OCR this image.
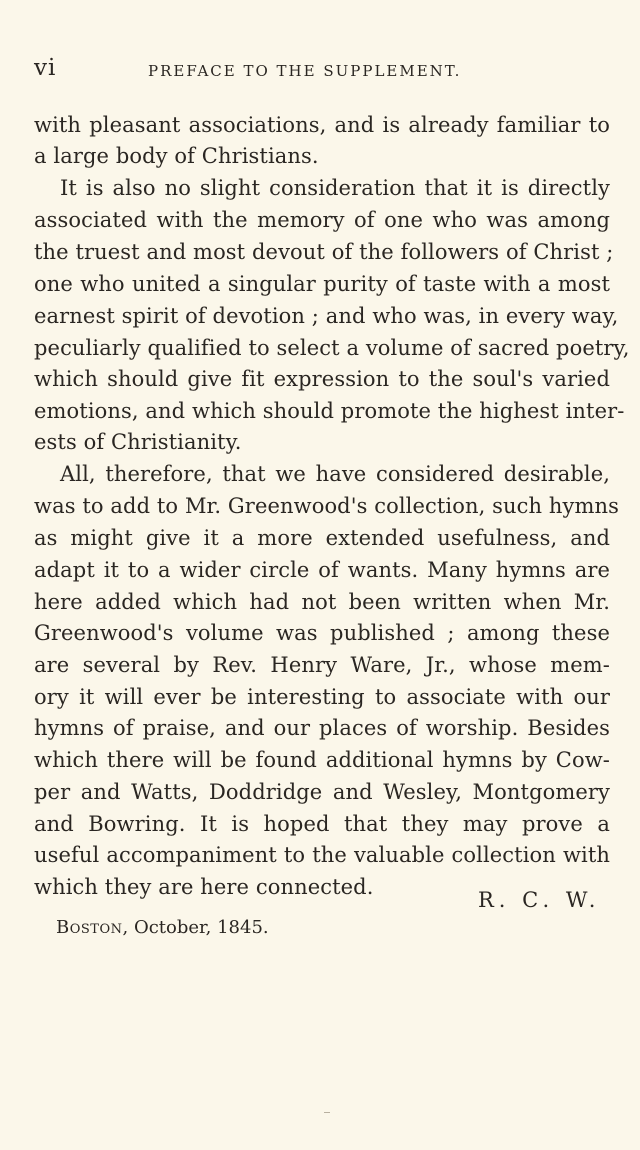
vi	PREFACE TO THE SUPPLEMENT.
with pleasant associations, and is already familiar to
a large body of Christians.
It is also no slight consideration that it is directly
associated with the memory of one who was among
the truest and most devout of the followers of Christ ;
one who united a singular purity of taste with a most
earnest spirit of devotion ; and who was, in every way,
peculiarly qualified to select a volume of sacred poetry,
which should give fit expression to the soul's varied
emotions, and which should promote the highest inter-
ests of Christianity.
All, therefore, that we have considered desirable,
was to add to Mr. Greenwood's collection, such hymns
as might give it a more extended usefulness, and
adapt it to a wider circle of wants. Many hymns are
here added which had not been written when Mr.
Greenwood's volume was published ; among these
are several by Rev. Henry Ware, Jr., whose mem-
ory it will ever be interesting to associate with our
hymns of praise, and our places of worship. Besides
which there will be found additional hymns by Cow-
per and Watts, Doddridge and Wesley, Montgomery
and Bowring. It is hoped that they may prove a
useful accompaniment to the valuable collection with
which they are here connected.
R. C. W.
Boston, October, 1845.
